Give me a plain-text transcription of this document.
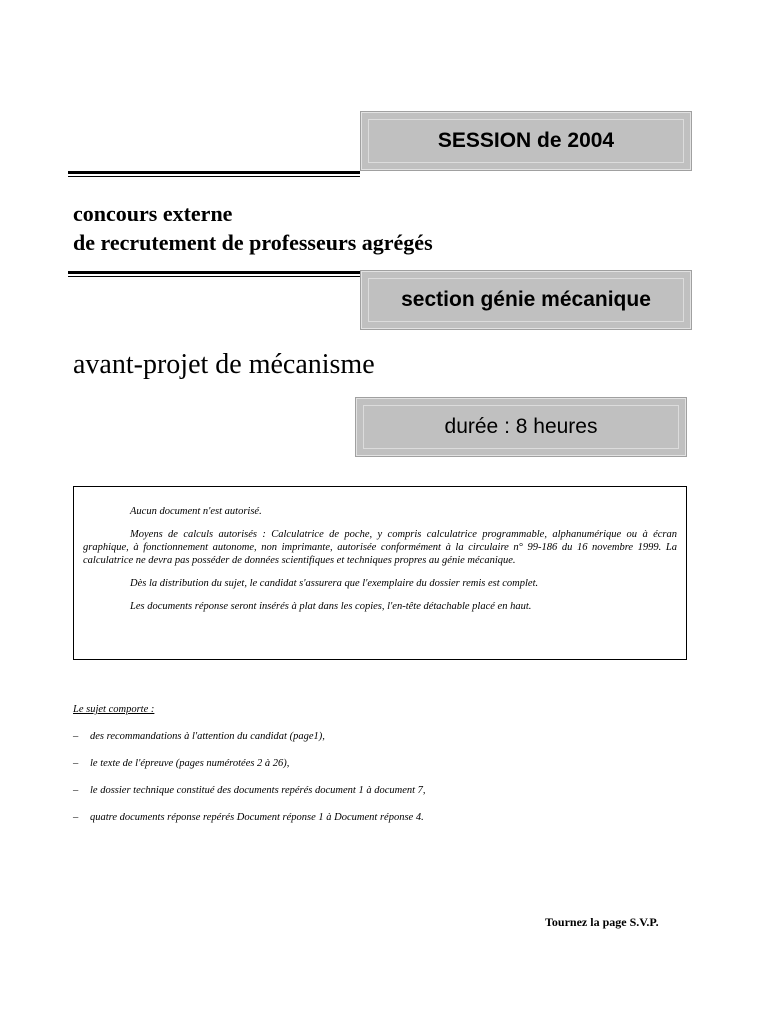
SESSION de 2004
concours externe
de recrutement de professeurs agrégés
section génie mécanique
avant-projet de mécanisme
durée : 8 heures

Aucun document n'est autorisé.

Moyens de calculs autorisés : Calculatrice de poche, y compris calculatrice programmable, alphanumérique ou à écran graphique, à fonctionnement autonome, non imprimante, autorisée conformément à la circulaire n° 99-186 du 16 novembre 1999. La calculatrice ne devra pas posséder de données scientifiques et techniques propres au génie mécanique.

Dès la distribution du sujet, le candidat s'assurera que l'exemplaire du dossier remis est complet.

Les documents réponse seront insérés à plat dans les copies, l'en-tête détachable placé en haut.

Le sujet comporte :
–	des recommandations à l'attention du candidat (page1),
–	le texte de l'épreuve (pages numérotées 2 à 26),
–	le dossier technique constitué des documents repérés document 1 à document 7,
–	quatre documents réponse repérés Document réponse 1 à Document réponse 4.
Tournez la page S.V.P.
